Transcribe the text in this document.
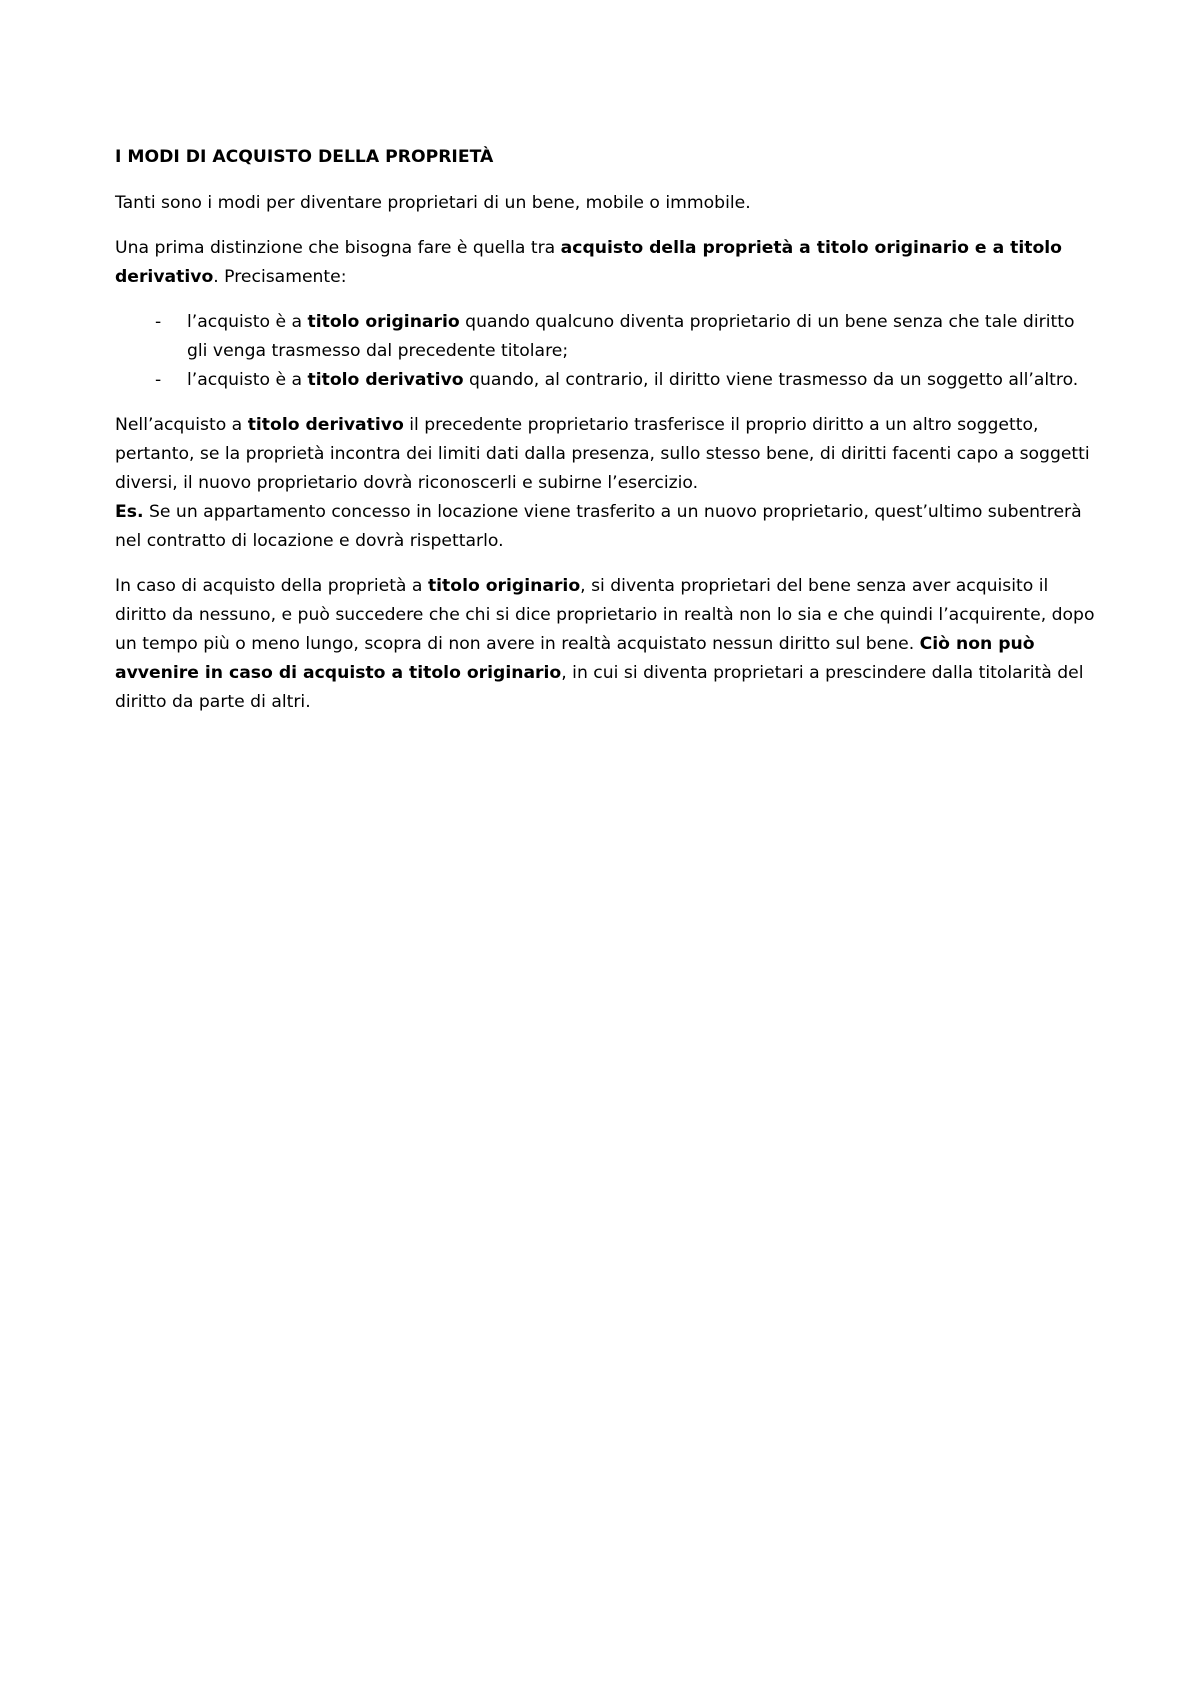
I MODI DI ACQUISTO DELLA PROPRIETÀ

Tanti sono i modi per diventare proprietari di un bene, mobile o immobile.

Una prima distinzione che bisogna fare è quella tra acquisto della proprietà a titolo originario e a titolo derivativo. Precisamente:

- l’acquisto è a titolo originario quando qualcuno diventa proprietario di un bene senza che tale diritto gli venga trasmesso dal precedente titolare;
- l’acquisto è a titolo derivativo quando, al contrario, il diritto viene trasmesso da un soggetto all’altro.

Nell’acquisto a titolo derivativo il precedente proprietario trasferisce il proprio diritto a un altro soggetto, pertanto, se la proprietà incontra dei limiti dati dalla presenza, sullo stesso bene, di diritti facenti capo a soggetti diversi, il nuovo proprietario dovrà riconoscerli e subirne l’esercizio.
Es. Se un appartamento concesso in locazione viene trasferito a un nuovo proprietario, quest’ultimo subentrerà nel contratto di locazione e dovrà rispettarlo.

In caso di acquisto della proprietà a titolo originario, si diventa proprietari del bene senza aver acquisito il diritto da nessuno, e può succedere che chi si dice proprietario in realtà non lo sia e che quindi l’acquirente, dopo un tempo più o meno lungo, scopra di non avere in realtà acquistato nessun diritto sul bene. Ciò non può avvenire in caso di acquisto a titolo originario, in cui si diventa proprietari a prescindere dalla titolarità del diritto da parte di altri.
